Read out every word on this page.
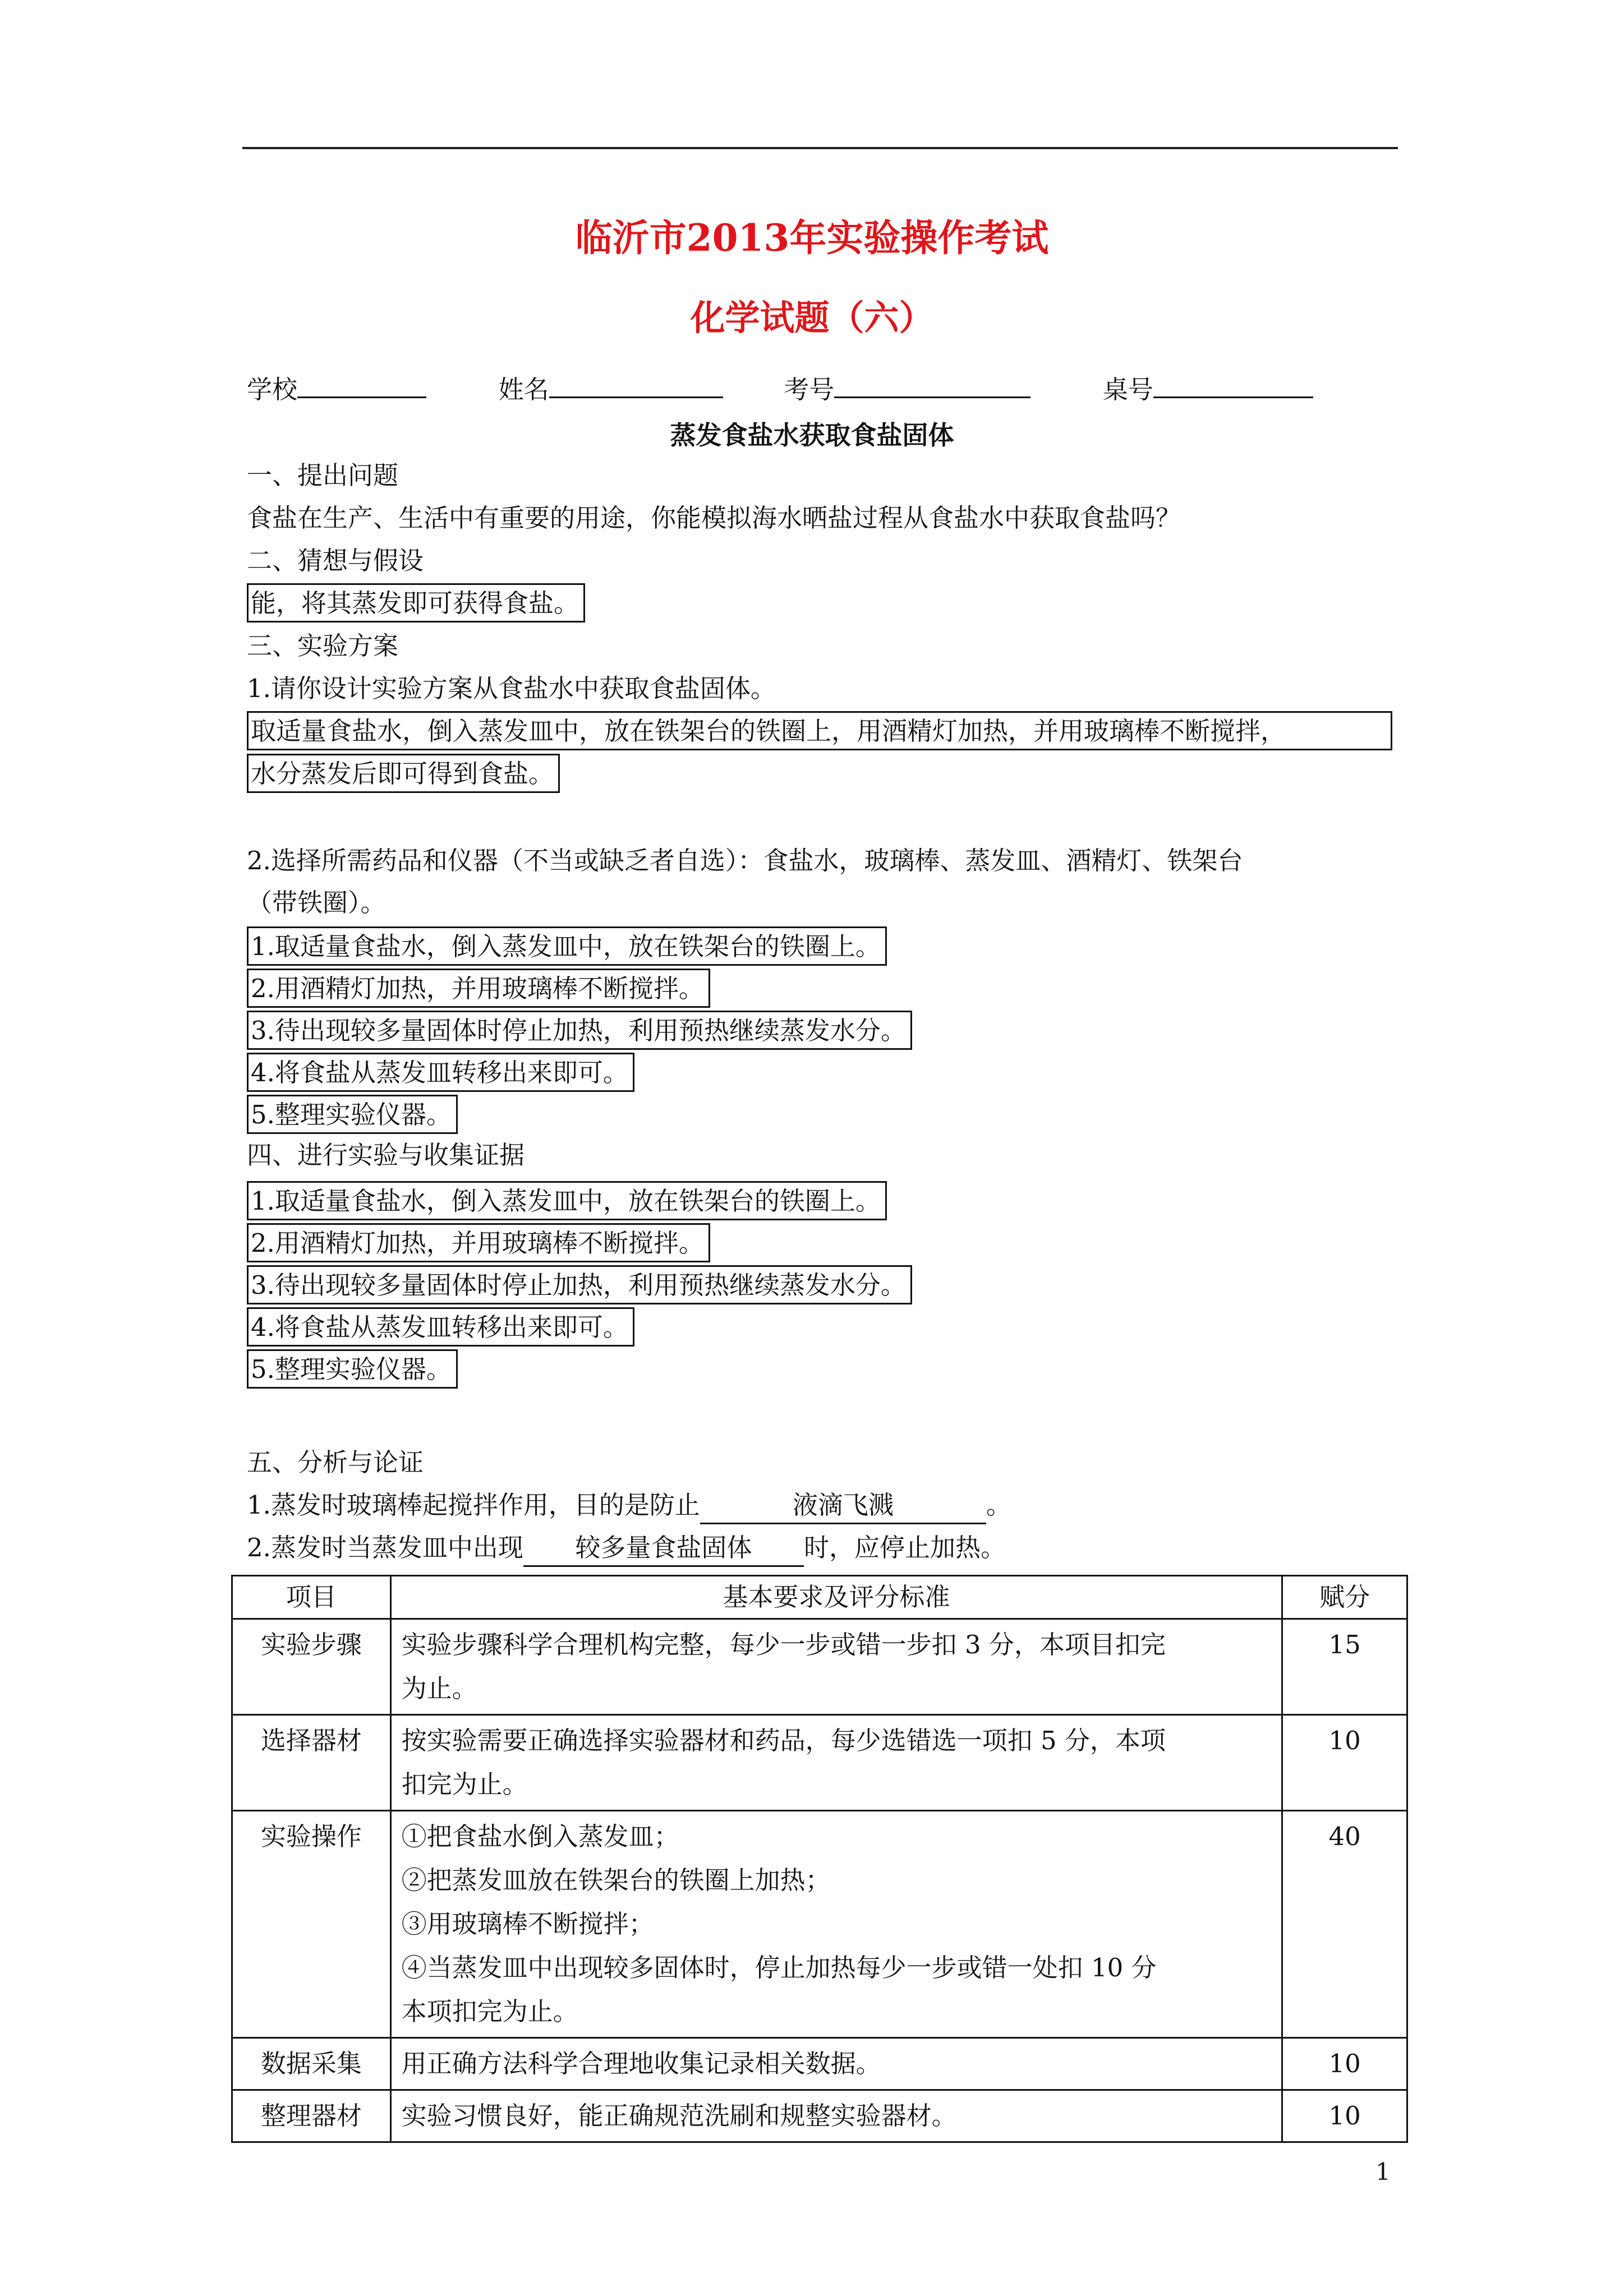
临沂市2013年实验操作考试
化学试题（六）
学校	姓名	考号	桌号
蒸发食盐水获取食盐固体
一、提出问题
食盐在生产、生活中有重要的用途，你能模拟海水晒盐过程从食盐水中获取食盐吗？
二、猜想与假设
能，将其蒸发即可获得食盐。
三、实验方案
1.请你设计实验方案从食盐水中获取食盐固体。
取适量食盐水，倒入蒸发皿中，放在铁架台的铁圈上，用酒精灯加热，并用玻璃棒不断搅拌，
水分蒸发后即可得到食盐。
2.选择所需药品和仪器（不当或缺乏者自选）：食盐水，玻璃棒、蒸发皿、酒精灯、铁架台
（带铁圈）。
1.取适量食盐水，倒入蒸发皿中，放在铁架台的铁圈上。
2.用酒精灯加热，并用玻璃棒不断搅拌。
3.待出现较多量固体时停止加热，利用预热继续蒸发水分。
4.将食盐从蒸发皿转移出来即可。
5.整理实验仪器。
四、进行实验与收集证据
1.取适量食盐水，倒入蒸发皿中，放在铁架台的铁圈上。
2.用酒精灯加热，并用玻璃棒不断搅拌。
3.待出现较多量固体时停止加热，利用预热继续蒸发水分。
4.将食盐从蒸发皿转移出来即可。
5.整理实验仪器。
五、分析与论证
1.蒸发时玻璃棒起搅拌作用，目的是防止	液滴飞溅	。
2.蒸发时当蒸发皿中出现 较多量食盐固体 时，应停止加热。
项目	基本要求及评分标准	赋分
实验步骤	实验步骤科学合理机构完整，每少一步或错一步扣 3 分，本项目扣完
为止。	15
选择器材	按实验需要正确选择实验器材和药品，每少选错选一项扣 5 分，本项
扣完为止。	10
实验操作	①把食盐水倒入蒸发皿；
②把蒸发皿放在铁架台的铁圈上加热；
③用玻璃棒不断搅拌；
④当蒸发皿中出现较多固体时，停止加热每少一步或错一处扣 10 分
本项扣完为止。	40
数据采集	用正确方法科学合理地收集记录相关数据。	10
整理器材	实验习惯良好，能正确规范洗刷和规整实验器材。	10
1
